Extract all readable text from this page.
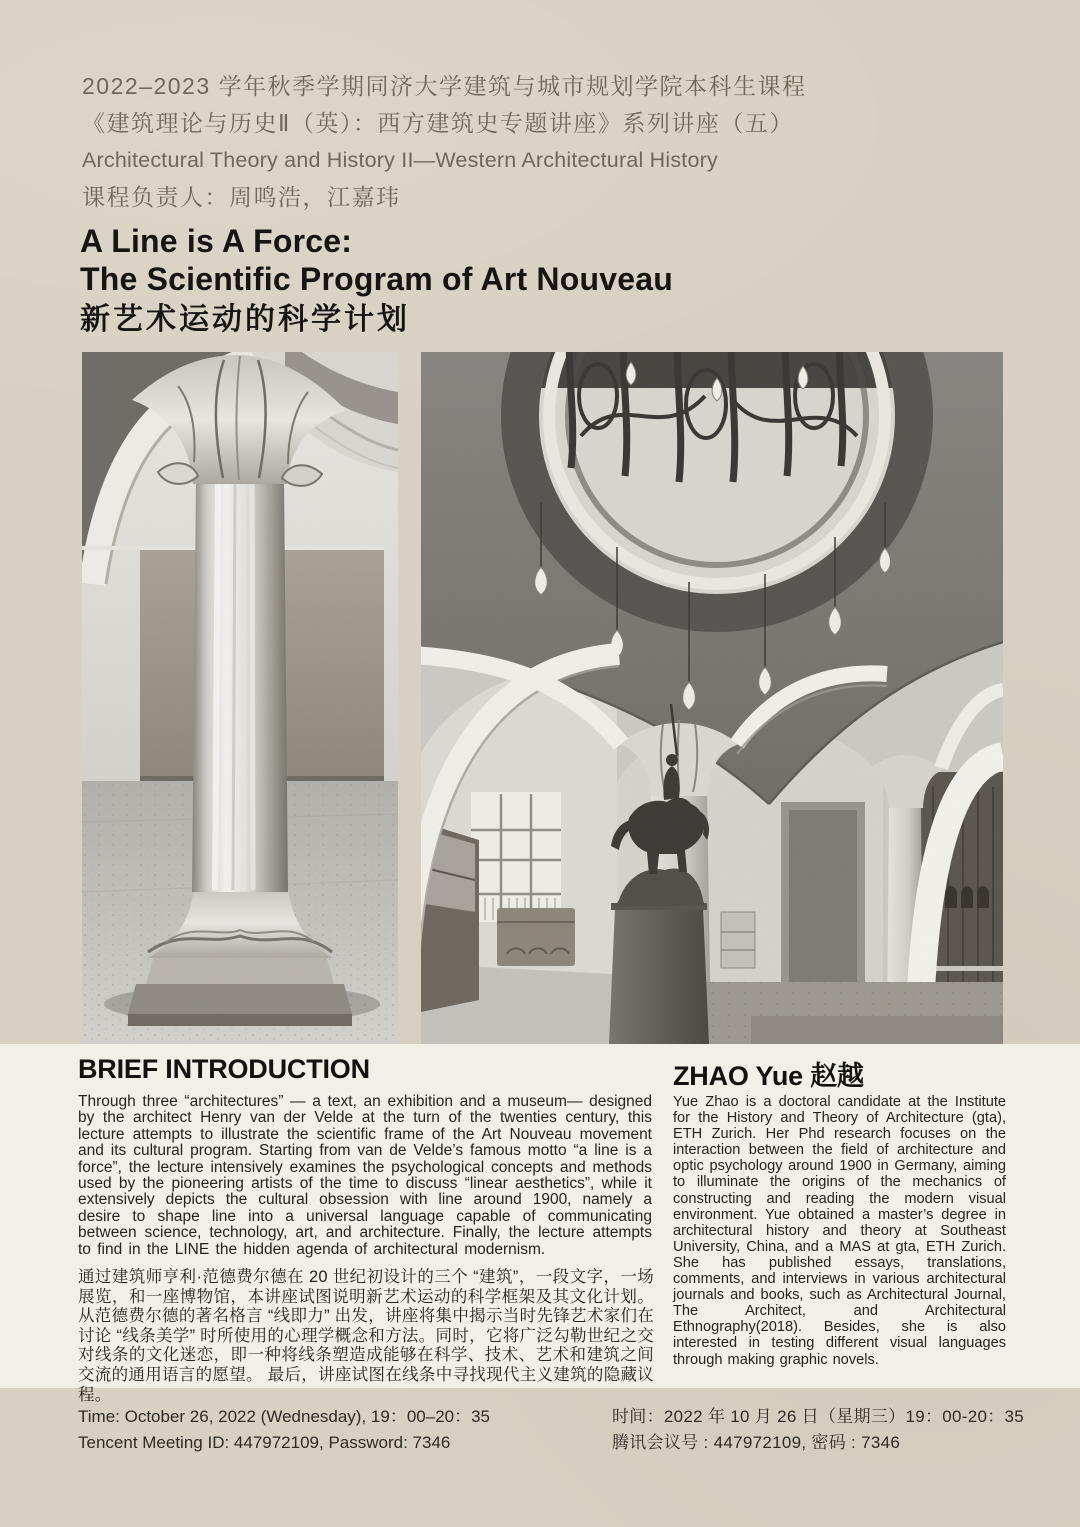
2022–2023 学年秋季学期同济大学建筑与城市规划学院本科生课程
《建筑理论与历史Ⅱ（英）：西方建筑史专题讲座》系列讲座（五）
Architectural Theory and History II—Western Architectural History
课程负责人：周鸣浩，江嘉玮
A Line is A Force:
The Scientific Program of Art Nouveau
新艺术运动的科学计划
BRIEF INTRODUCTION
Through three “architectures” — a text, an exhibition and a museum— designed by the architect Henry van der Velde at the turn of the twenties century, this lecture attempts to illustrate the scientific frame of the Art Nouveau movement and its cultural program. Starting from van de Velde’s famous motto “a line is a force”, the lecture intensively examines the psychological concepts and methods used by the pioneering artists of the time to discuss “linear aesthetics”, while it extensively depicts the cultural obsession with line around 1900, namely a desire to shape line into a universal language capable of communicating between science, technology, art, and architecture. Finally, the lecture attempts to find in the LINE the hidden agenda of architectural modernism.
通过建筑师亨利·范德费尔德在 20 世纪初设计的三个 “建筑”，一段文字，一场展览，和一座博物馆，本讲座试图说明新艺术运动的科学框架及其文化计划。从范德费尔德的著名格言 “线即力” 出发，讲座将集中揭示当时先锋艺术家们在讨论 “线条美学” 时所使用的心理学概念和方法。同时，它将广泛勾勒世纪之交对线条的文化迷恋，即一种将线条塑造成能够在科学、技术、艺术和建筑之间交流的通用语言的愿望。 最后，讲座试图在线条中寻找现代主义建筑的隐藏议程。
ZHAO Yue 赵越
Yue Zhao is a doctoral candidate at the Institute for the History and Theory of Architecture (gta), ETH Zurich. Her Phd research focuses on the interaction between the field of architecture and optic psychology around 1900 in Germany, aiming to illuminate the origins of the mechanics of constructing and reading the modern visual environment. Yue obtained a master’s degree in architectural history and theory at Southeast University, China, and a MAS at gta, ETH Zurich. She has published essays, translations, comments, and interviews in various architectural journals and books, such as Architectural Journal, The Architect, and Architectural Ethnography(2018). Besides, she is also interested in testing different visual languages through making graphic novels.
Time: October 26, 2022 (Wednesday), 19：00–20：35
Tencent Meeting ID: 447972109, Password: 7346
时间：2022 年 10 月 26 日（星期三）19：00-20：35
腾讯会议号 : 447972109, 密码 : 7346
